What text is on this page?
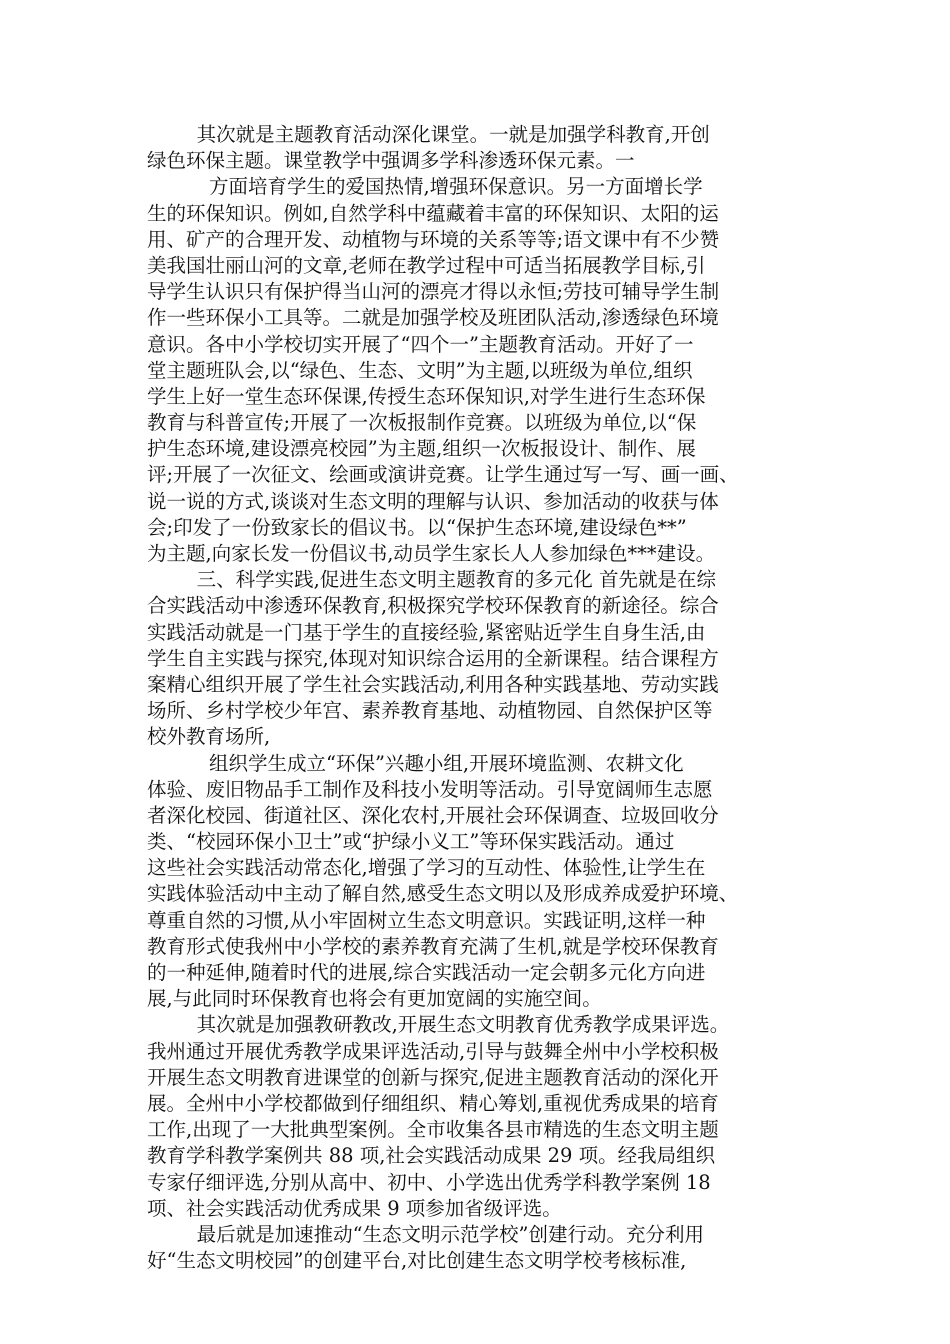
其次就是主题教育活动深化课堂。一就是加强学科教育,开创
绿色环保主题。课堂教学中强调多学科渗透环保元素。一
方面培育学生的爱国热情,增强环保意识。另一方面增长学
生的环保知识。例如,自然学科中蕴藏着丰富的环保知识、太阳的运
用、矿产的合理开发、动植物与环境的关系等等;语文课中有不少赞
美我国壮丽山河的文章,老师在教学过程中可适当拓展教学目标,引
导学生认识只有保护得当山河的漂亮才得以永恒;劳技可辅导学生制
作一些环保小工具等。二就是加强学校及班团队活动,渗透绿色环境
意识。各中小学校切实开展了“四个一”主题教育活动。开好了一
堂主题班队会,以“绿色、生态、文明”为主题,以班级为单位,组织
学生上好一堂生态环保课,传授生态环保知识,对学生进行生态环保
教育与科普宣传;开展了一次板报制作竞赛。以班级为单位,以“保
护生态环境,建设漂亮校园”为主题,组织一次板报设计、制作、展
评;开展了一次征文、绘画或演讲竞赛。让学生通过写一写、画一画、
说一说的方式,谈谈对生态文明的理解与认识、参加活动的收获与体
会;印发了一份致家长的倡议书。以“保护生态环境,建设绿色**”
为主题,向家长发一份倡议书,动员学生家长人人参加绿色***建设。
三、科学实践,促进生态文明主题教育的多元化 首先就是在综
合实践活动中渗透环保教育,积极探究学校环保教育的新途径。综合
实践活动就是一门基于学生的直接经验,紧密贴近学生自身生活,由
学生自主实践与探究,体现对知识综合运用的全新课程。结合课程方
案精心组织开展了学生社会实践活动,利用各种实践基地、劳动实践
场所、乡村学校少年宫、素养教育基地、动植物园、自然保护区等
校外教育场所,
组织学生成立“环保”兴趣小组,开展环境监测、农耕文化
体验、废旧物品手工制作及科技小发明等活动。引导宽阔师生志愿
者深化校园、街道社区、深化农村,开展社会环保调查、垃圾回收分
类、“校园环保小卫士”或“护绿小义工”等环保实践活动。通过
这些社会实践活动常态化,增强了学习的互动性、体验性,让学生在
实践体验活动中主动了解自然,感受生态文明以及形成养成爱护环境、
尊重自然的习惯,从小牢固树立生态文明意识。实践证明,这样一种
教育形式使我州中小学校的素养教育充满了生机,就是学校环保教育
的一种延伸,随着时代的进展,综合实践活动一定会朝多元化方向进
展,与此同时环保教育也将会有更加宽阔的实施空间。
其次就是加强教研教改,开展生态文明教育优秀教学成果评选。
我州通过开展优秀教学成果评选活动,引导与鼓舞全州中小学校积极
开展生态文明教育进课堂的创新与探究,促进主题教育活动的深化开
展。全州中小学校都做到仔细组织、精心筹划,重视优秀成果的培育
工作,出现了一大批典型案例。全市收集各县市精选的生态文明主题
教育学科教学案例共 88 项,社会实践活动成果 29 项。经我局组织
专家仔细评选,分别从高中、初中、小学选出优秀学科教学案例 18
项、社会实践活动优秀成果 9 项参加省级评选。
最后就是加速推动“生态文明示范学校”创建行动。充分利用
好“生态文明校园”的创建平台,对比创建生态文明学校考核标准,
